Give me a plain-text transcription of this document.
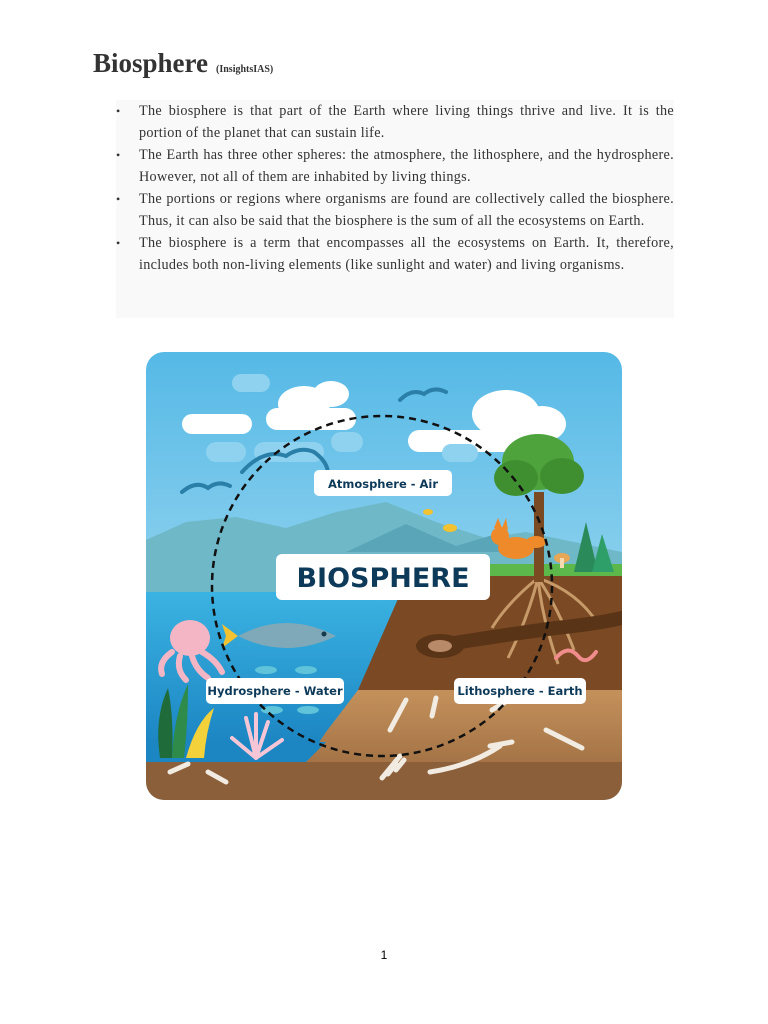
Biosphere (InsightsIAS)
• The biosphere is that part of the Earth where living things thrive and live. It is the portion of the planet that can sustain life.
• The Earth has three other spheres: the atmosphere, the lithosphere, and the hydrosphere. However, not all of them are inhabited by living things.
• The portions or regions where organisms are found are collectively called the biosphere. Thus, it can also be said that the biosphere is the sum of all the ecosystems on Earth.
• The biosphere is a term that encompasses all the ecosystems on Earth. It, therefore, includes both non-living elements (like sunlight and water) and living organisms.
Atmosphere - Air
BIOSPHERE
Hydrosphere - Water	Lithosphere - Earth
1
